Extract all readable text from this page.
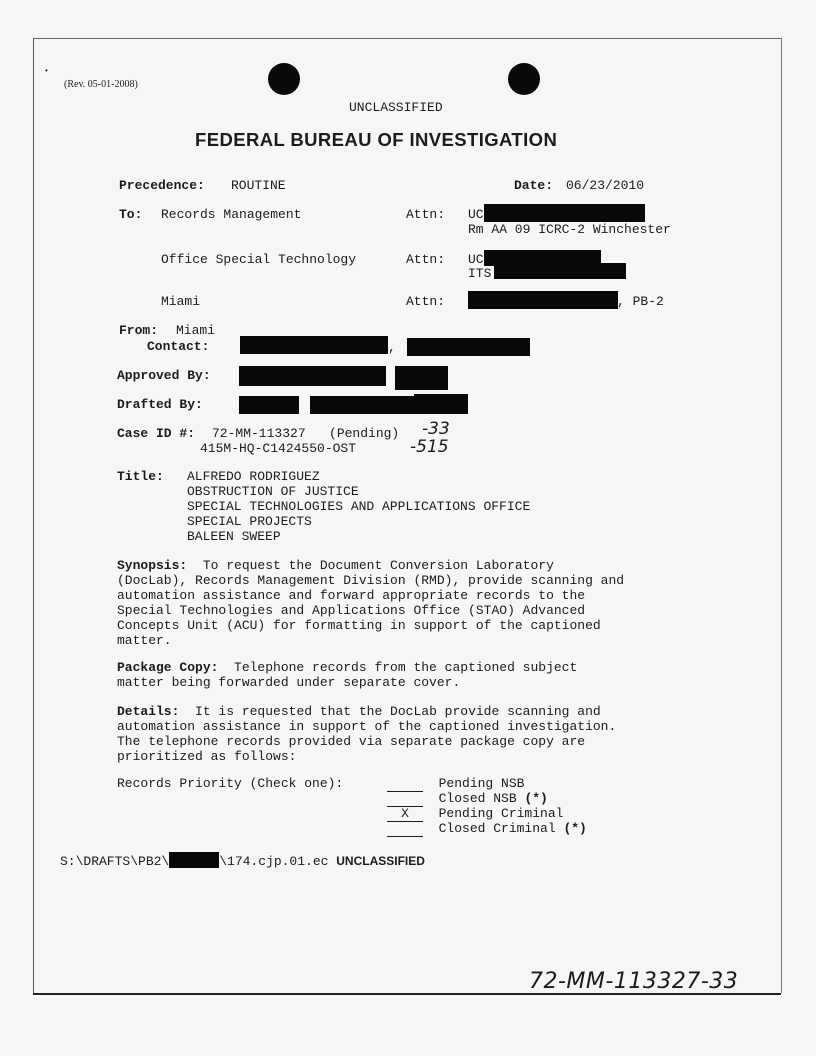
•
(Rev. 05-01-2008)
UNCLASSIFIED
FEDERAL BUREAU OF INVESTIGATION
Precedence: ROUTINE	Date: 06/23/2010
To: Records Management	Attn: UC
Rm AA 09 ICRC-2 Winchester
Office Special Technology	Attn: UC
ITS
Miami	Attn:	, PB-2
From: Miami
Contact:	,
Approved By:
Drafted By:
Case ID #: 72-MM-113327   (Pending)
415M-HQ-C1424550-OST
-33
-515
Title: ALFREDO RODRIGUEZ
OBSTRUCTION OF JUSTICE
SPECIAL TECHNOLOGIES AND APPLICATIONS OFFICE
SPECIAL PROJECTS
BALEEN SWEEP
Synopsis:  To request the Document Conversion Laboratory
(DocLab), Records Management Division (RMD), provide scanning and
automation assistance and forward appropriate records to the
Special Technologies and Applications Office (STAO) Advanced
Concepts Unit (ACU) for formatting in support of the captioned
matter.
Package Copy:  Telephone records from the captioned subject
matter being forwarded under separate cover.
Details:  It is requested that the DocLab provide scanning and
automation assistance in support of the captioned investigation.
The telephone records provided via separate package copy are
prioritized as follows:
Records Priority (Check one):	Pending NSB
Closed NSB (*)
X Pending Criminal
Closed Criminal (*)
S:\DRAFTS\PB2\	\174.cjp.01.ec UNCLASSIFIED
72-MM-113327-33
